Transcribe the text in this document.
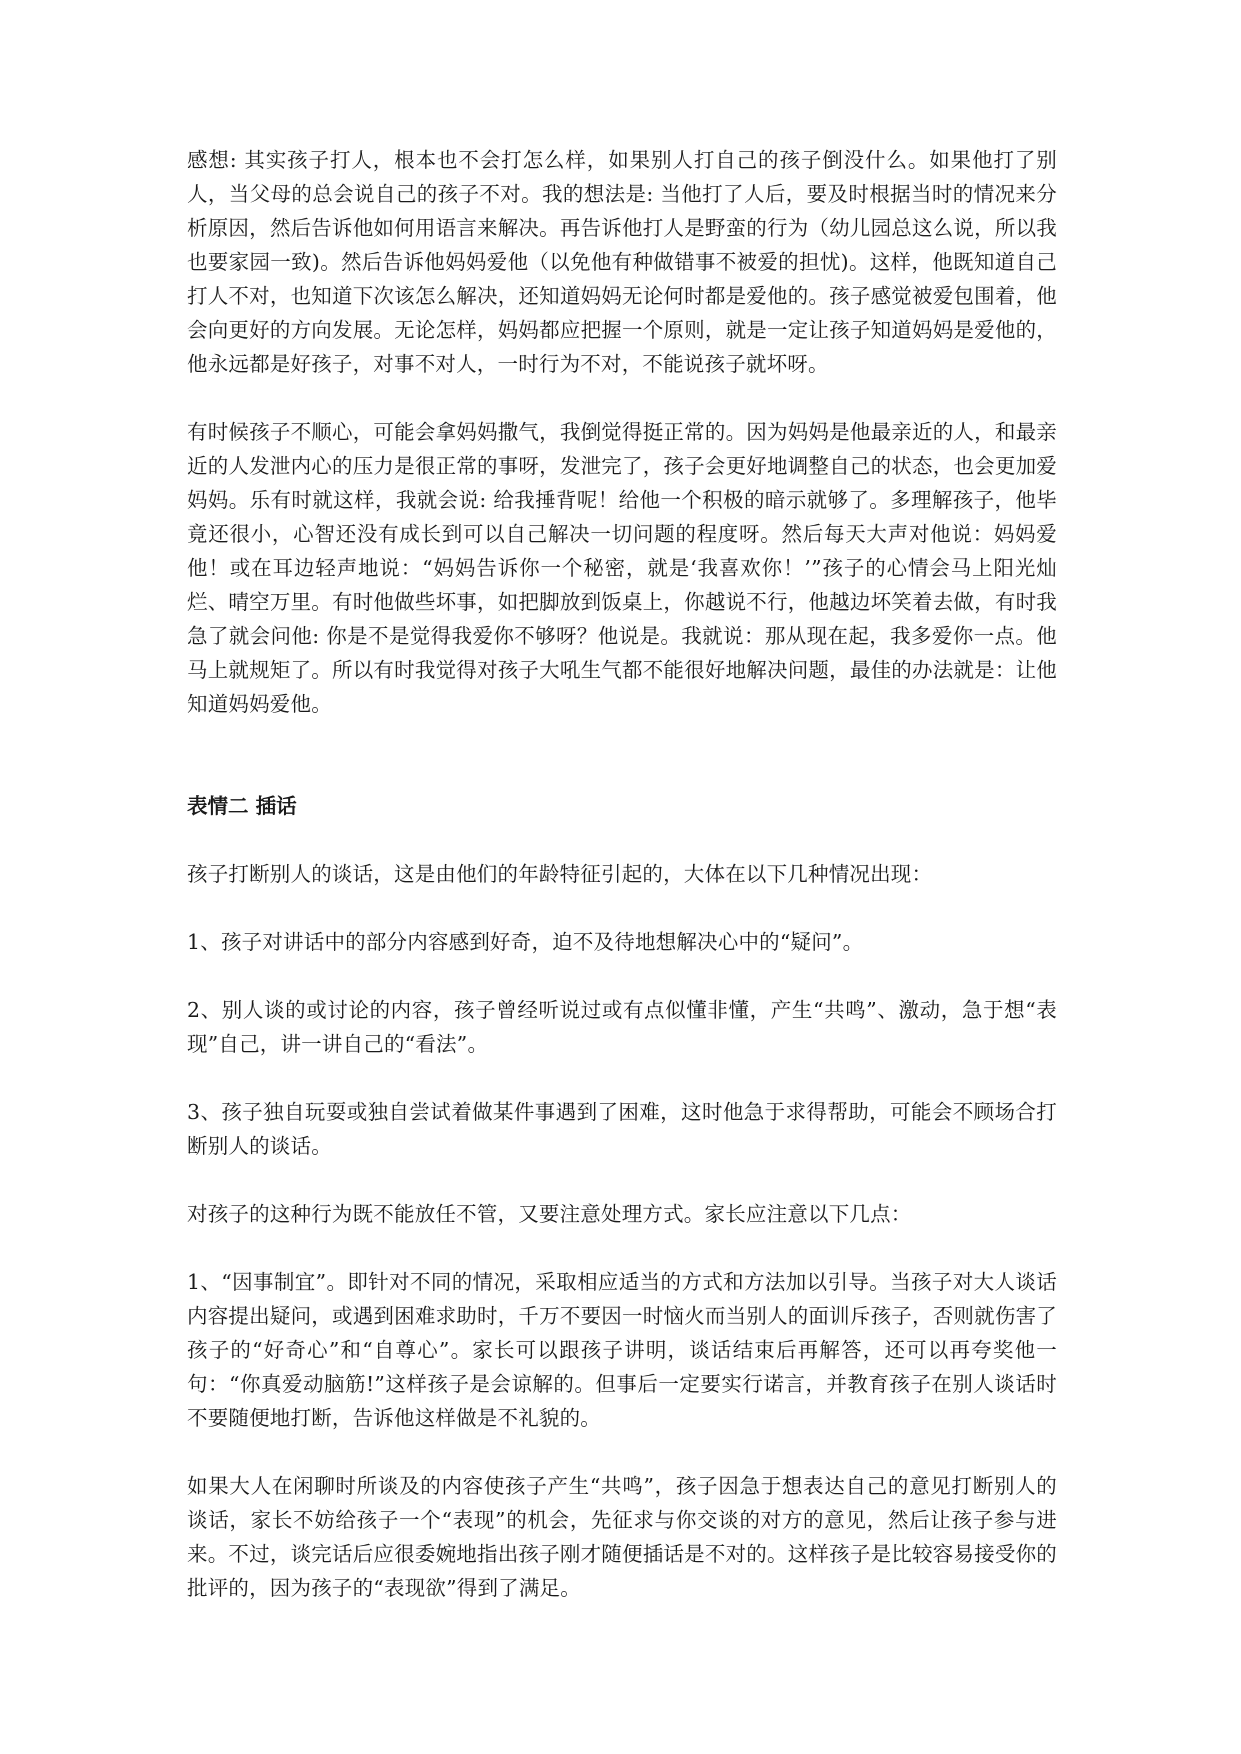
感想: 其实孩子打人，根本也不会打怎么样，如果别人打自己的孩子倒没什么。如果他打了别人，当父母的总会说自己的孩子不对。我的想法是: 当他打了人后，要及时根据当时的情况来分析原因，然后告诉他如何用语言来解决。再告诉他打人是野蛮的行为（幼儿园总这么说，所以我也要家园一致)。然后告诉他妈妈爱他（以免他有种做错事不被爱的担忧)。这样，他既知道自己打人不对，也知道下次该怎么解决，还知道妈妈无论何时都是爱他的。孩子感觉被爱包围着，他会向更好的方向发展。无论怎样，妈妈都应把握一个原则，就是一定让孩子知道妈妈是爱他的，他永远都是好孩子，对事不对人，一时行为不对，不能说孩子就坏呀。

有时候孩子不顺心，可能会拿妈妈撒气，我倒觉得挺正常的。因为妈妈是他最亲近的人，和最亲近的人发泄内心的压力是很正常的事呀，发泄完了，孩子会更好地调整自己的状态，也会更加爱妈妈。乐有时就这样，我就会说: 给我捶背呢！给他一个积极的暗示就够了。多理解孩子，他毕竟还很小，心智还没有成长到可以自己解决一切问题的程度呀。然后每天大声对他说：妈妈爱他！或在耳边轻声地说：“妈妈告诉你一个秘密，就是‘我喜欢你！’”孩子的心情会马上阳光灿烂、晴空万里。有时他做些坏事，如把脚放到饭桌上，你越说不行，他越边坏笑着去做，有时我急了就会问他: 你是不是觉得我爱你不够呀？他说是。我就说：那从现在起，我多爱你一点。他马上就规矩了。所以有时我觉得对孩子大吼生气都不能很好地解决问题，最佳的办法就是：让他知道妈妈爱他。

表情二 插话

孩子打断别人的谈话，这是由他们的年龄特征引起的，大体在以下几种情况出现：

1、孩子对讲话中的部分内容感到好奇，迫不及待地想解决心中的“疑问”。

2、别人谈的或讨论的内容，孩子曾经听说过或有点似懂非懂，产生“共鸣”、激动，急于想“表现”自己，讲一讲自己的“看法”。

3、孩子独自玩耍或独自尝试着做某件事遇到了困难，这时他急于求得帮助，可能会不顾场合打断别人的谈话。

对孩子的这种行为既不能放任不管，又要注意处理方式。家长应注意以下几点：

1、“因事制宜”。即针对不同的情况，采取相应适当的方式和方法加以引导。当孩子对大人谈话内容提出疑问，或遇到困难求助时，千万不要因一时恼火而当别人的面训斥孩子，否则就伤害了孩子的“好奇心”和“自尊心”。家长可以跟孩子讲明，谈话结束后再解答，还可以再夸奖他一句：“你真爱动脑筋!”这样孩子是会谅解的。但事后一定要实行诺言，并教育孩子在别人谈话时不要随便地打断，告诉他这样做是不礼貌的。

如果大人在闲聊时所谈及的内容使孩子产生“共鸣”，孩子因急于想表达自己的意见打断别人的谈话，家长不妨给孩子一个“表现”的机会，先征求与你交谈的对方的意见，然后让孩子参与进来。不过，谈完话后应很委婉地指出孩子刚才随便插话是不对的。这样孩子是比较容易接受你的批评的，因为孩子的“表现欲”得到了满足。
